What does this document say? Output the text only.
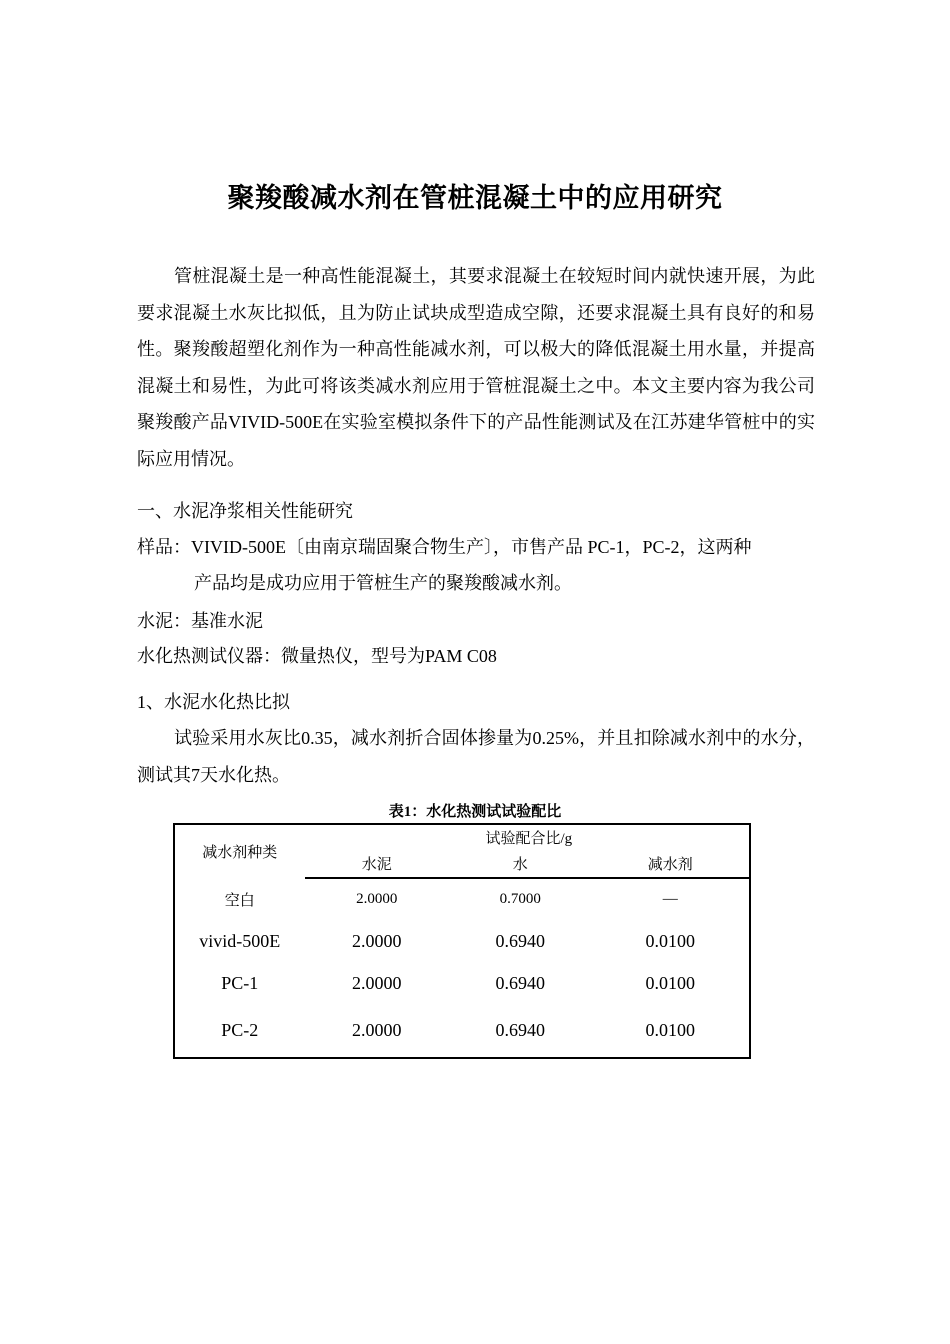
聚羧酸减水剂在管桩混凝土中的应用研究

管桩混凝土是一种高性能混凝土，其要求混凝土在较短时间内就快速开展，为此要求混凝土水灰比拟低，且为防止试块成型造成空隙，还要求混凝土具有良好的和易性。聚羧酸超塑化剂作为一种高性能减水剂，可以极大的降低混凝土用水量，并提高混凝土和易性，为此可将该类减水剂应用于管桩混凝土之中。本文主要内容为我公司聚羧酸产品VIVID-500E在实验室模拟条件下的产品性能测试及在江苏建华管桩中的实际应用情况。

一、水泥净浆相关性能研究

样品：VIVID-500E〔由南京瑞固聚合物生产〕，市售产品 PC-1，PC-2，这两种
产品均是成功应用于管桩生产的聚羧酸减水剂。

水泥：基准水泥

水化热测试仪器：微量热仪，型号为PAM C08

1、水泥水化热比拟

试验采用水灰比0.35，减水剂折合固体掺量为0.25%，并且扣除减水剂中的水分，测试其7天水化热。

表1：水化热测试试验配比

减水剂种类	试验配合比/g		
	水泥	水	减水剂
空白	2.0000	0.7000	—
vivid-500E	2.0000	0.6940	0.0100
PC-1	2.0000	0.6940	0.0100
PC-2	2.0000	0.6940	0.0100
